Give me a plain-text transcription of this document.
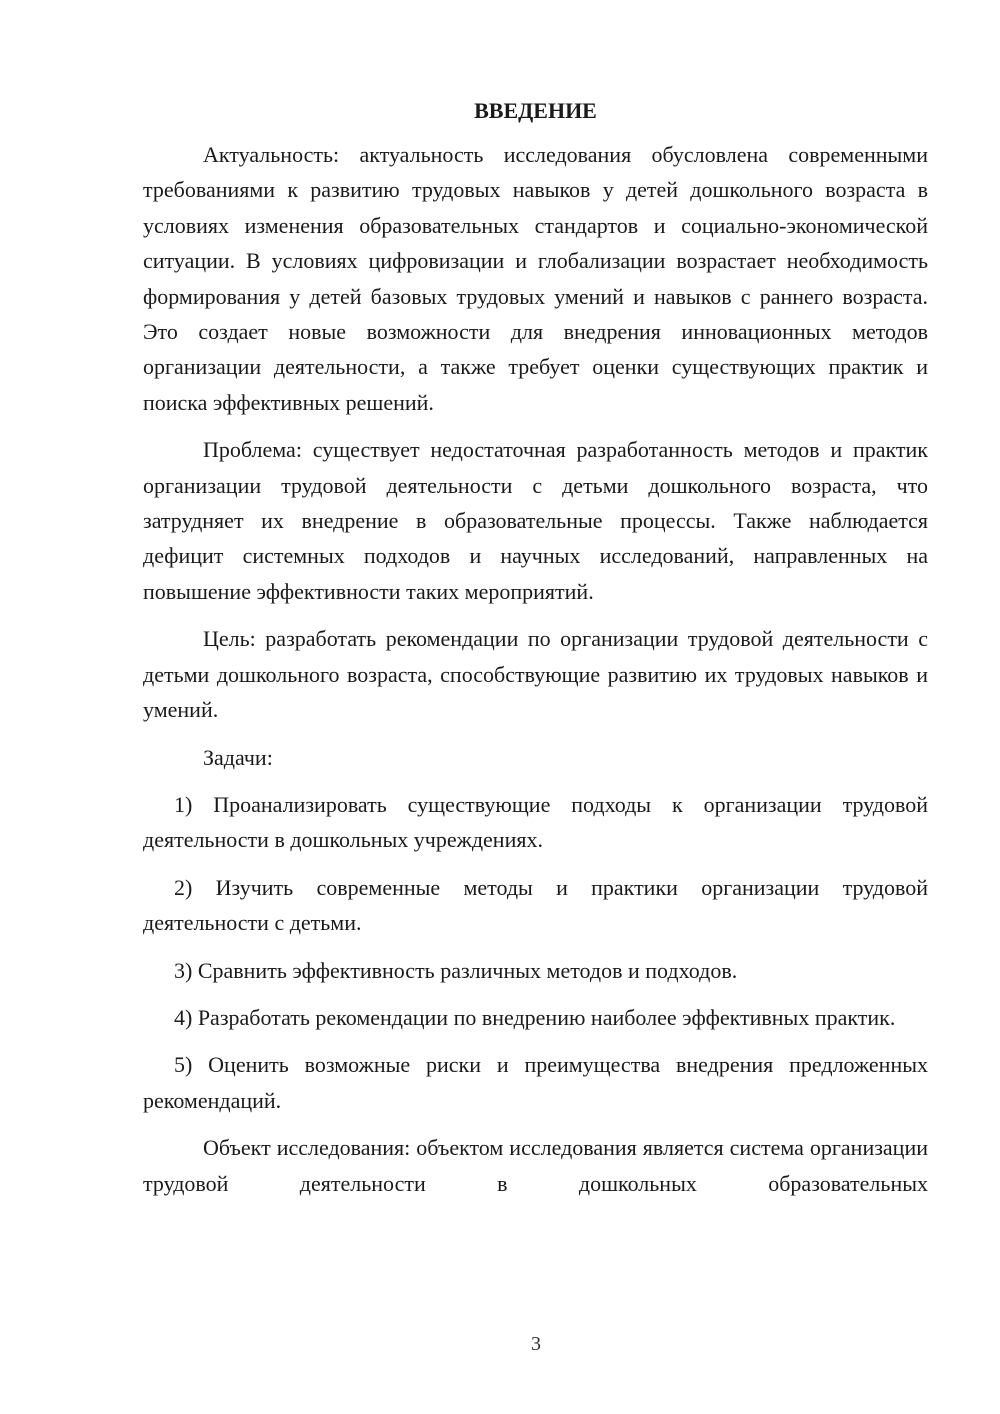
ВВЕДЕНИЕ

Актуальность: актуальность исследования обусловлена современными требованиями к развитию трудовых навыков у детей дошкольного возраста в условиях изменения образовательных стандартов и социально-экономической ситуации. В условиях цифровизации и глобализации возрастает необходимость формирования у детей базовых трудовых умений и навыков с раннего возраста. Это создает новые возможности для внедрения инновационных методов организации деятельности, а также требует оценки существующих практик и поиска эффективных решений.

Проблема: существует недостаточная разработанность методов и практик организации трудовой деятельности с детьми дошкольного возраста, что затрудняет их внедрение в образовательные процессы. Также наблюдается дефицит системных подходов и научных исследований, направленных на повышение эффективности таких мероприятий.

Цель: разработать рекомендации по организации трудовой деятельности с детьми дошкольного возраста, способствующие развитию их трудовых навыков и умений.

Задачи:

1) Проанализировать существующие подходы к организации трудовой деятельности в дошкольных учреждениях.

2) Изучить современные методы и практики организации трудовой деятельности с детьми.

3) Сравнить эффективность различных методов и подходов.

4) Разработать рекомендации по внедрению наиболее эффективных практик.

5) Оценить возможные риски и преимущества внедрения предложенных рекомендаций.

Объект исследования: объектом исследования является система организации трудовой деятельности в дошкольных образовательных

3
